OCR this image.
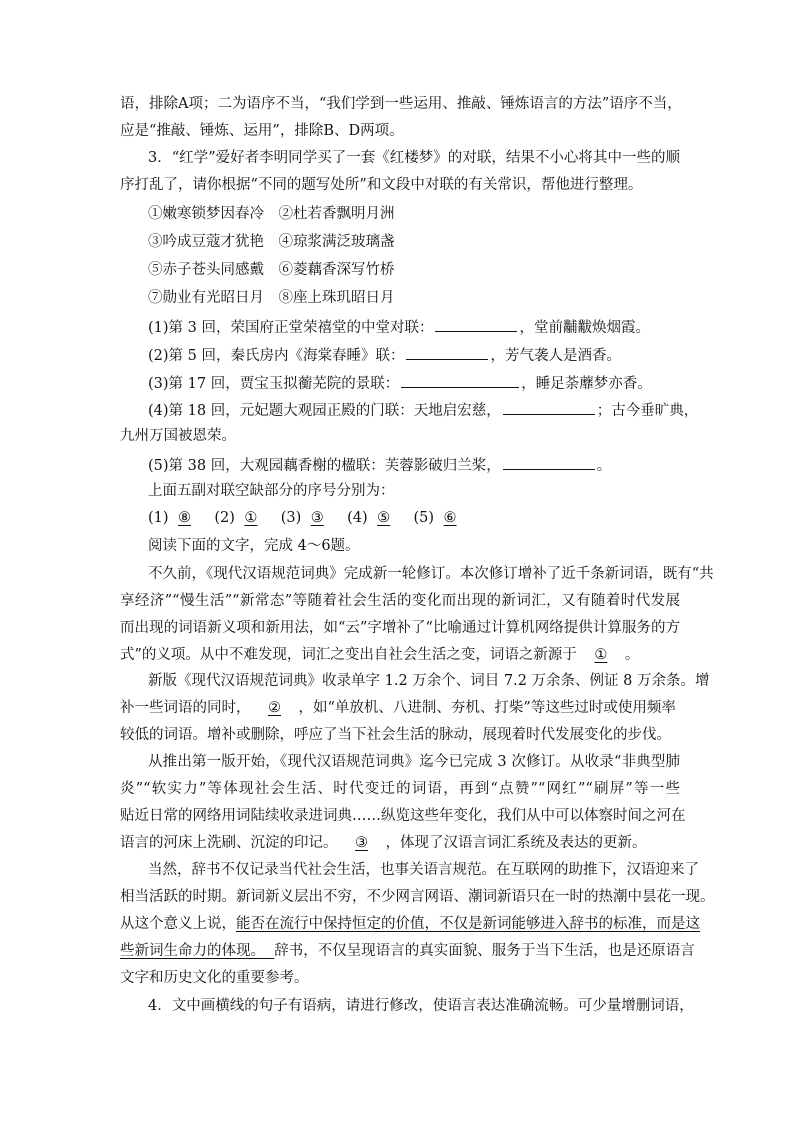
语，排除A项；二为语序不当，“我们学到一些运用、推敲、锤炼语言的方法”语序不当，
应是“推敲、锤炼、运用”，排除B、D两项。
3．“红学”爱好者李明同学买了一套《红楼梦》的对联，结果不小心将其中一些的顺
序打乱了，请你根据“不同的题写处所”和文段中对联的有关常识，帮他进行整理。
①嫩寒锁梦因春冷　②杜若香飘明月洲
③吟成豆蔻才犹艳　④琼浆满泛玻璃盏
⑤赤子苍头同感戴　⑥菱藕香深写竹桥
⑦勋业有光昭日月　⑧座上珠玑昭日月
(1)第 3 回，荣国府正堂荣禧堂的中堂对联：	，堂前黼黻焕烟霞。
(2)第 5 回，秦氏房内《海棠春睡》联：	，芳气袭人是酒香。
(3)第 17 回，贾宝玉拟蘅芜院的景联：	，睡足荼蘼梦亦香。
(4)第 18 回，元妃题大观园正殿的门联：天地启宏慈，	；古今垂旷典，
九州万国被恩荣。
(5)第 38 回，大观园藕香榭的楹联：芙蓉影破归兰桨，	。
上面五副对联空缺部分的序号分别为：
(1) ⑧ (2) ① (3) ③ (4) ⑤ (5) ⑥
阅读下面的文字，完成 4～6题。
不久前，《现代汉语规范词典》完成新一轮修订。本次修订增补了近千条新词语，既有“共
享经济”“慢生活”“新常态”等随着社会生活的变化而出现的新词汇，又有随着时代发展
而出现的词语新义项和新用法，如“云”字增补了“比喻通过计算机网络提供计算服务的方
式”的义项。从中不难发现，词汇之变出自社会生活之变，词语之新源于 ① 。
新版《现代汉语规范词典》收录单字 1.2 万余个、词目 7.2 万余条、例证 8 万余条。增
补一些词语的同时， ② ，如“单放机、八进制、夯机、打柴”等这些过时或使用频率
较低的词语。增补或删除，呼应了当下社会生活的脉动，展现着时代发展变化的步伐。
从推出第一版开始，《现代汉语规范词典》迄今已完成 3 次修订。从收录“非典型肺
炎”“软实力”等体现社会生活、时代变迁的词语，再到“点赞”“网红”“刷屏”等一些
贴近日常的网络用词陆续收录进词典……纵览这些年变化，我们从中可以体察时间之河在
语言的河床上洗刷、沉淀的印记。 ③ ，体现了汉语言词汇系统及表达的更新。
当然，辞书不仅记录当代社会生活，也事关语言规范。在互联网的助推下，汉语迎来了
相当活跃的时期。新词新义层出不穷，不少网言网语、潮词新语只在一时的热潮中昙花一现。
从这个意义上说，能否在流行中保持恒定的价值，不仅是新词能够进入辞书的标准，而是这
些新词生命力的体现。 辞书，不仅呈现语言的真实面貌、服务于当下生活，也是还原语言
文字和历史文化的重要参考。
4．文中画横线的句子有语病，请进行修改，使语言表达准确流畅。可少量增删词语，
